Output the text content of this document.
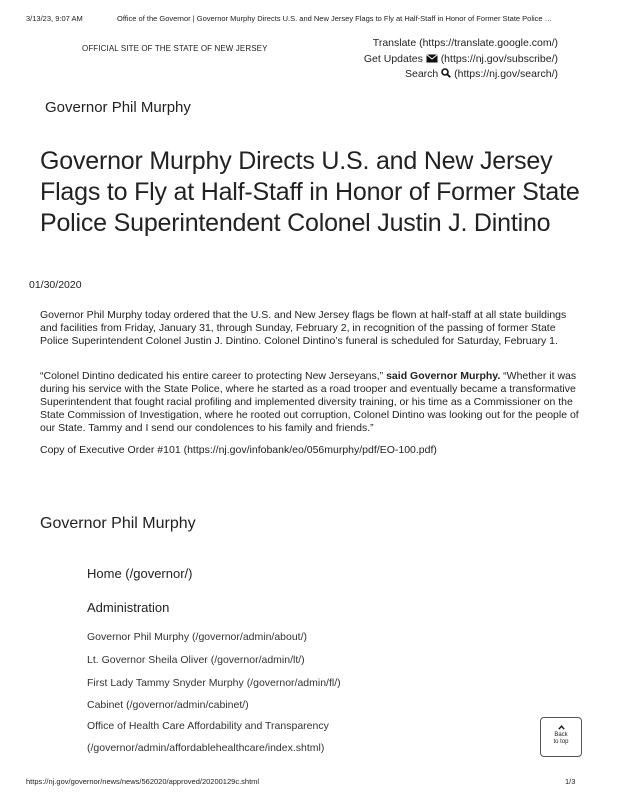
3/13/23, 9:07 AM	Office of the Governor | Governor Murphy Directs U.S. and New Jersey Flags to Fly at Half-Staff in Honor of Former State Police …
OFFICIAL SITE OF THE STATE OF NEW JERSEY	Translate (https://translate.google.com/)
Get Updates (https://nj.gov/subscribe/)
Search (https://nj.gov/search/)
Governor Phil Murphy
Governor Murphy Directs U.S. and New Jersey Flags to Fly at Half-Staff in Honor of Former State Police Superintendent Colonel Justin J. Dintino
01/30/2020

Governor Phil Murphy today ordered that the U.S. and New Jersey flags be flown at half-staff at all state buildings and facilities from Friday, January 31, through Sunday, February 2, in recognition of the passing of former State Police Superintendent Colonel Justin J. Dintino. Colonel Dintino’s funeral is scheduled for Saturday, February 1.

“Colonel Dintino dedicated his entire career to protecting New Jerseyans,” said Governor Murphy. “Whether it was during his service with the State Police, where he started as a road trooper and eventually became a transformative Superintendent that fought racial profiling and implemented diversity training, or his time as a Commissioner on the State Commission of Investigation, where he rooted out corruption, Colonel Dintino was looking out for the people of our State. Tammy and I send our condolences to his family and friends.”

Copy of Executive Order #101 (https://nj.gov/infobank/eo/056murphy/pdf/EO-100.pdf)

Governor Phil Murphy
Home (/governor/)
Administration
Governor Phil Murphy (/governor/admin/about/)
Lt. Governor Sheila Oliver (/governor/admin/lt/)
First Lady Tammy Snyder Murphy (/governor/admin/fl/)
Cabinet (/governor/admin/cabinet/)
Office of Health Care Affordability and Transparency
(/governor/admin/affordablehealthcare/index.shtml)
Back
to top
https://nj.gov/governor/news/news/562020/approved/20200129c.shtml	1/3
